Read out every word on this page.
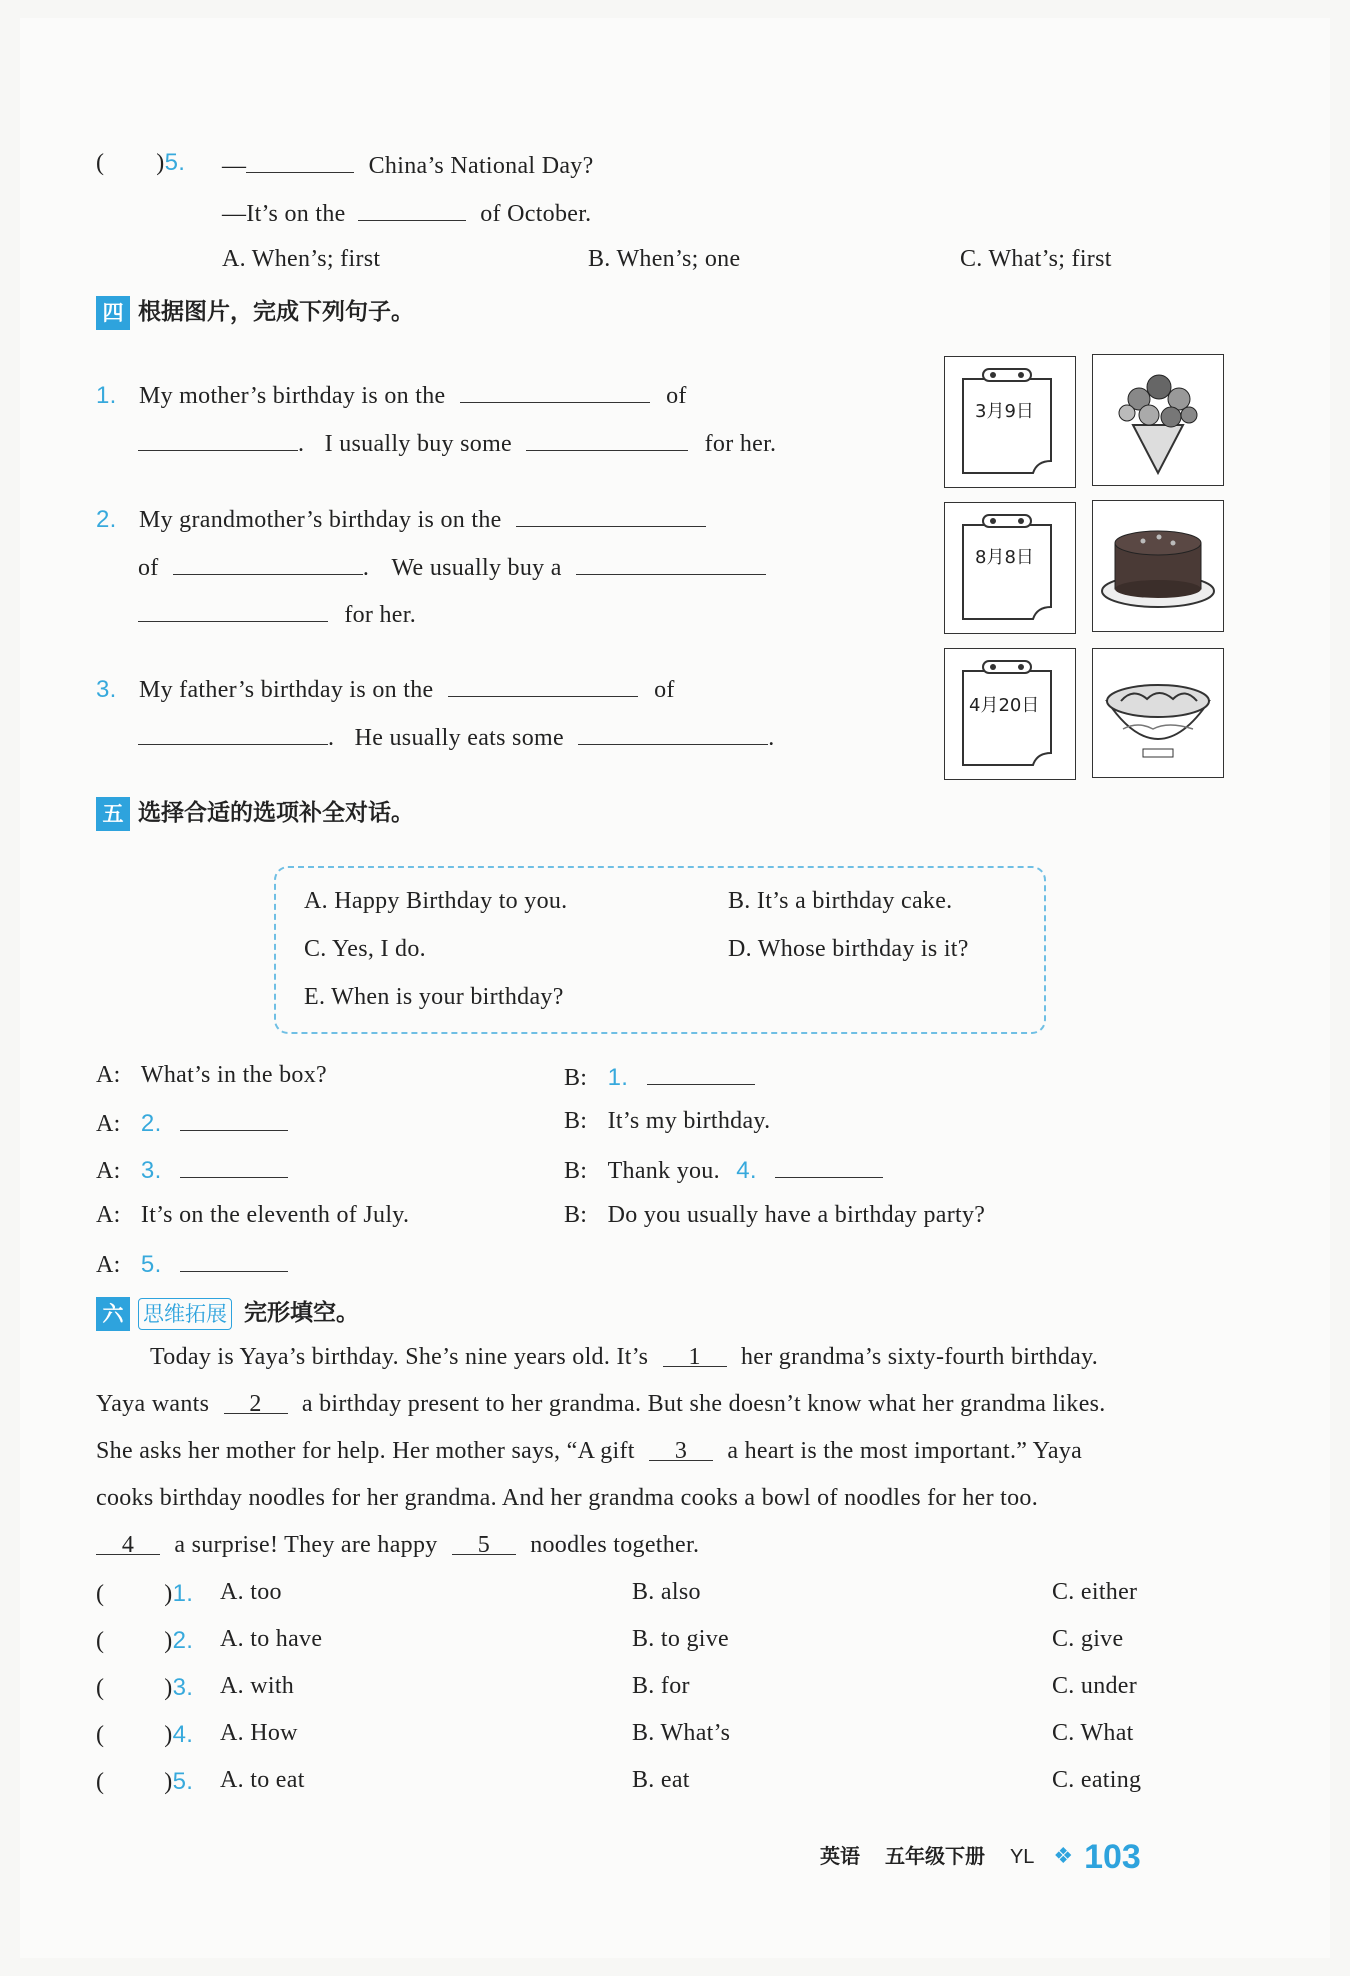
( )5. —	China’s National Day?
—It’s on the	of October.
A. When’s; first	B. When’s; one	C. What’s; first
四 根据图片，完成下列句子。
1. My mother’s birthday is on the	of
. I usually buy some	for her.
2. My grandmother’s birthday is on the
of	. We usually buy a
for her.
3. My father’s birthday is on the	of
. He usually eats some	.
3月9日
8月8日
4月20日
五 选择合适的选项补全对话。
A. Happy Birthday to you.	B. It’s a birthday cake.
C. Yes, I do.	D. Whose birthday is it?
E. When is your birthday?
A: What’s in the box?	B: 1.
A: 2.	B: It’s my birthday.
A: 3.	B: Thank you. 4.
A: It’s on the eleventh of July.	B: Do you usually have a birthday party?
A: 5.
六 思维拓展 完形填空。
Today is Yaya’s birthday. She’s nine years old. It’s 1 her grandma’s sixty-fourth birthday.
Yaya wants 2 a birthday present to her grandma. But she doesn’t know what her grandma likes.
She asks her mother for help. Her mother says, “A gift 3 a heart is the most important.” Yaya
cooks birthday noodles for her grandma. And her grandma cooks a bowl of noodles for her too.
4 a surprise! They are happy 5 noodles together.
(	)1. A. too	B. also	C. either
(	)2. A. to have	B. to give	C. give
(	)3. A. with	B. for	C. under
(	)4. A. How	B. What’s	C. What
(	)5. A. to eat	B. eat	C. eating
英语 五年级下册 YL ❖ 103
